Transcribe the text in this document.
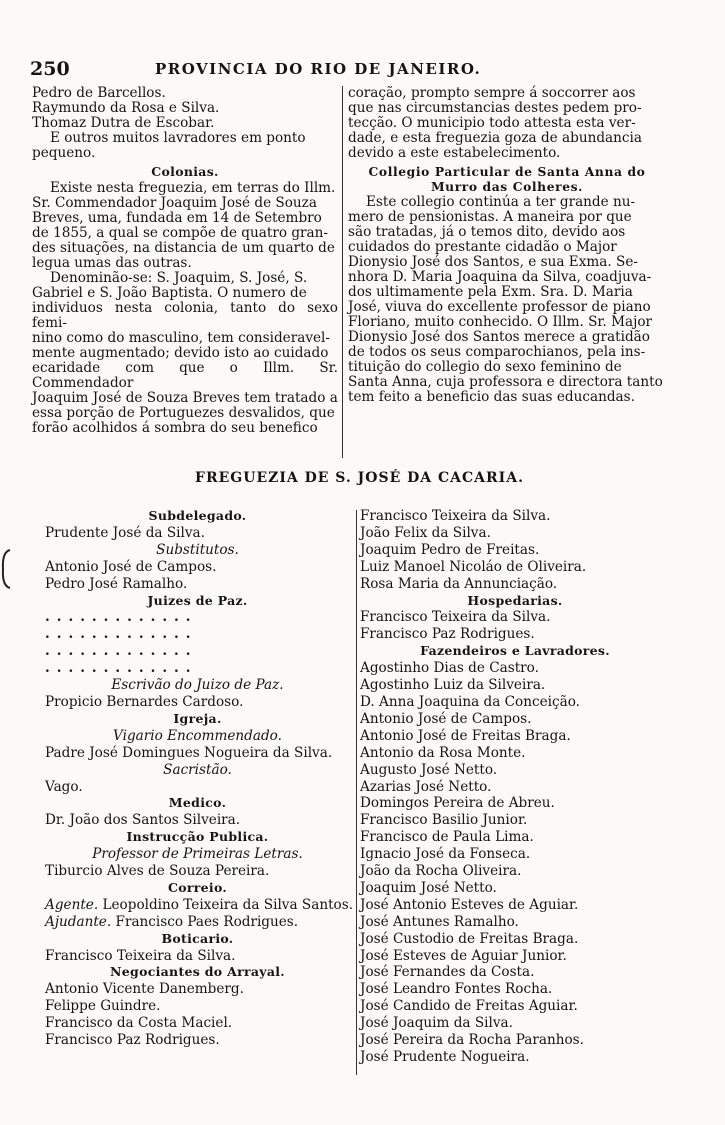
250	PROVINCIA DO RIO DE JANEIRO.
Pedro de Barcellos.
Raymundo da Rosa e Silva.
Thomaz Dutra de Escobar.

E outros muitos lavradores em ponto
pequeno.

Colonias.

Existe nesta freguezia, em terras do Illm.
Sr. Commendador Joaquim José de Souza
Breves, uma, fundada em 14 de Setembro
de 1855, a qual se compõe de quatro gran-
des situações, na distancia de um quarto de
legua umas das outras.

Denominão-se: S. Joaquim, S. José, S.
Gabriel e S. João Baptista. O numero de
individuos nesta colonia, tanto do sexo femi-
nino como do masculino, tem consideravel-
mente augmentado; devido isto ao cuidado
ecaridade com que o Illm. Sr. Commendador
Joaquim José de Souza Breves tem tratado a
essa porção de Portuguezes desvalidos, que
forão acolhidos á sombra do seu benefico

coração, prompto sempre á soccorrer aos
que nas circumstancias destes pedem pro-
tecção. O municipio todo attesta esta ver-
dade, e esta freguezia goza de abundancia
devido a este estabelecimento.

Collegio Particular de Santa Anna do
Murro das Colheres.

Este collegio continúa a ter grande nu-
mero de pensionistas. A maneira por que
são tratadas, já o temos dito, devido aos
cuidados do prestante cidadão o Major
Dionysio José dos Santos, e sua Exma. Se-
nhora D. Maria Joaquina da Silva, coadjuva-
dos ultimamente pela Exm. Sra. D. Maria
José, viuva do excellente professor de piano
Floriano, muito conhecido. O Illm. Sr. Major
Dionysio José dos Santos merece a gratidão
de todos os seus comparochianos, pela ins-
tituição do collegio do sexo feminino de
Santa Anna, cuja professora e directora tanto
tem feito a beneficio das suas educandas.

FREGUEZIA DE S. JOSÉ DA CACARIA.
Subdelegado.
Prudente José da Silva.
Substitutos.
Antonio José de Campos.
Pedro José Ramalho.
Juizes de Paz.
.............
.............
.............
.............
Escrivão do Juizo de Paz.
Propicio Bernardes Cardoso.
Igreja.
Vigario Encommendado.
Padre José Domingues Nogueira da Silva.
Sacristão.
Vago.
Medico.
Dr. João dos Santos Silveira.
Instrucção Publica.
Professor de Primeiras Letras.
Tiburcio Alves de Souza Pereira.
Correio.
Agente. Leopoldino Teixeira da Silva Santos.
Ajudante. Francisco Paes Rodrigues.
Boticario.
Francisco Teixeira da Silva.
Negociantes do Arrayal.
Antonio Vicente Danemberg.
Felippe Guindre.
Francisco da Costa Maciel.
Francisco Paz Rodrigues.
Francisco Teixeira da Silva.
João Felix da Silva.
Joaquim Pedro de Freitas.
Luiz Manoel Nicoláo de Oliveira.
Rosa Maria da Annunciação.
Hospedarias.
Francisco Teixeira da Silva.
Francisco Paz Rodrigues.
Fazendeiros e Lavradores.
Agostinho Dias de Castro.
Agostinho Luiz da Silveira.
D. Anna Joaquina da Conceição.
Antonio José de Campos.
Antonio José de Freitas Braga.
Antonio da Rosa Monte.
Augusto José Netto.
Azarias José Netto.
Domingos Pereira de Abreu.
Francisco Basilio Junior.
Francisco de Paula Lima.
Ignacio José da Fonseca.
João da Rocha Oliveira.
Joaquim José Netto.
José Antonio Esteves de Aguiar.
José Antunes Ramalho.
José Custodio de Freitas Braga.
José Esteves de Aguiar Junior.
José Fernandes da Costa.
José Leandro Fontes Rocha.
José Candido de Freitas Aguiar.
José Joaquim da Silva.
José Pereira da Rocha Paranhos.
José Prudente Nogueira.
